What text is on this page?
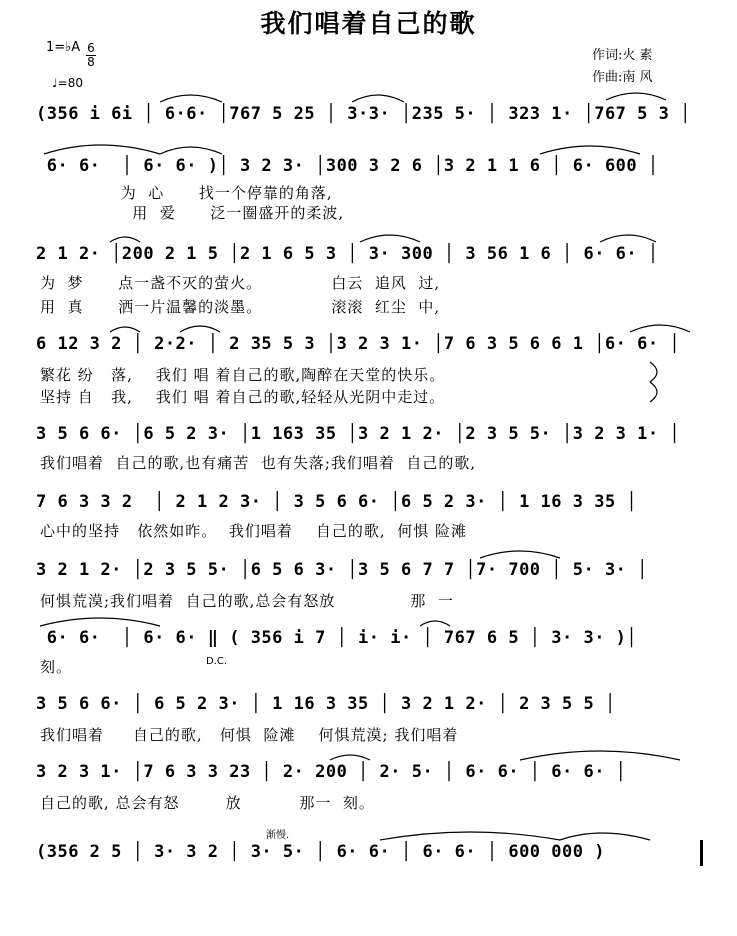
我们唱着自己的歌
1=♭A 6
8
♩=80
作词:火 素
作曲:南 风
(356 i 6i │ 6·6· │767 5 25 │ 3·3· │235 5· │ 323 1· │767 5 3 │
6· 6·  │ 6· 6· )│ 3 2 3· │300 3 2 6 │3 2 1 1 6 │ 6· 600 │
为  心      找一个停靠的角落,
用  爱      泛一圈盛开的柔波,
2 1 2· │200 2 1 5 │2 1 6 5 3 │ 3· 300 │ 3 56 1 6 │ 6· 6· │
为  梦      点一盏不灭的萤火。            白云  追风  过,
用  真      洒一片温馨的淡墨。            滚滚  红尘  中,
6 12 3 2 │ 2·2· │ 2 35 5 3 │3 2 3 1· │7 6 3 5 6 6 1 │6· 6· │
繁花 纷   落,    我们 唱 着自己的歌,陶醉在天堂的快乐。
坚持 自   我,    我们 唱 着自己的歌,轻轻从光阴中走过。
3 5 6 6· │6 5 2 3· │1 163 35 │3 2 1 2· │2 3 5 5· │3 2 3 1· │
我们唱着  自己的歌,也有痛苦  也有失落;我们唱着  自己的歌,
7 6 3 3 2  │ 2 1 2 3· │ 3 5 6 6· │6 5 2 3· │ 1 16 3 35 │
心中的坚持   依然如昨。  我们唱着    自己的歌,  何惧 险滩
3 2 1 2· │2 3 5 5· │6 5 6 3· │3 5 6 7 7 │7· 700 │ 5· 3· │
何惧荒漠;我们唱着  自己的歌,总会有怒放             那  一
6· 6·  │ 6· 6· ‖ ( 356 i 7 │ i· i· │ 767 6 5 │ 3· 3· )│
D.C.
刻。
3 5 6 6· │ 6 5 2 3· │ 1 16 3 35 │ 3 2 1 2· │ 2 3 5 5 │
我们唱着     自己的歌,   何惧  险滩    何惧荒漠; 我们唱着
3 2 3 1· │7 6 3 3 23 │ 2· 200 │ 2· 5· │ 6· 6· │ 6· 6· │
自己的歌, 总会有怒        放          那一  刻。
渐慢.
(356 2 5 │ 3· 3 2 │ 3· 5· │ 6· 6· │ 6· 6· │ 600 000 )
